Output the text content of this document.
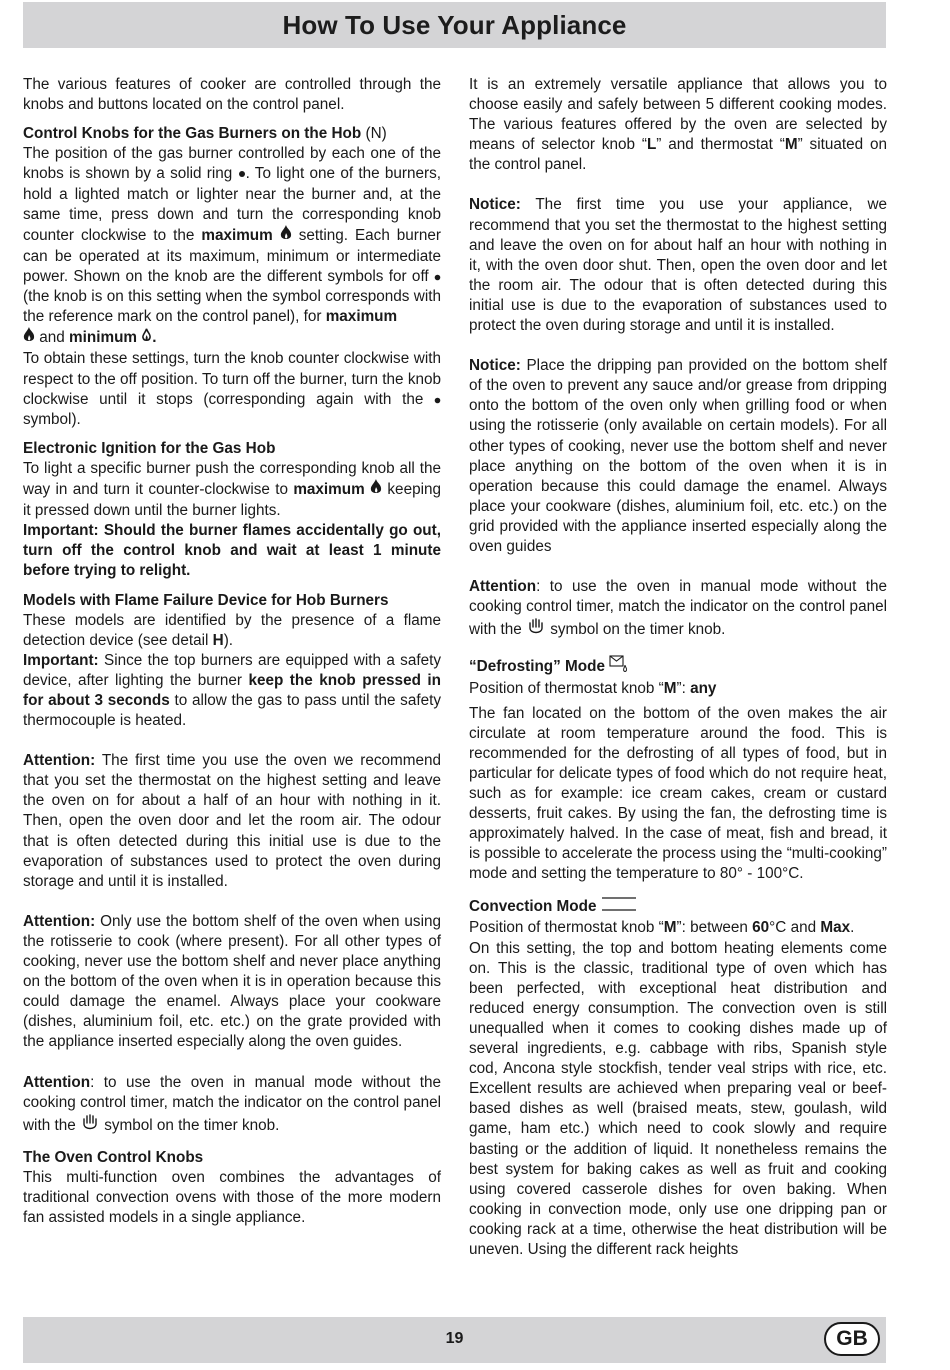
How To Use Your Appliance

The various features of cooker are controlled through the knobs and buttons located on the control panel.

Control Knobs for the Gas Burners on the Hob (N)
The position of the gas burner controlled by each one of the knobs is shown by a solid ring . To light one of the burners, hold a lighted match or lighter near the burner and, at the same time, press down and turn the corresponding knob counter clockwise to the maximum  setting. Each burner can be operated at its maximum, minimum or intermediate power. Shown on the knob are the different symbols for off  (the knob is on this setting when the symbol corresponds with the reference mark on the control panel), for maximum
and minimum .
To obtain these settings, turn the knob counter clockwise with respect to the off position. To turn off the burner, turn the knob clockwise until it stops (corresponding again with the  symbol).

Electronic Ignition for the Gas Hob
To light a specific burner push the corresponding knob all the way in and turn it counter-clockwise to maximum  keeping it pressed down until the burner lights.
Important: Should the burner flames accidentally go out, turn off the control knob and wait at least 1 minute before trying to relight.

Models with Flame Failure Device for Hob Burners
These models are identified by the presence of a flame detection device (see detail H).
Important: Since the top burners are equipped with a safety device, after lighting the burner keep the knob pressed in for about 3 seconds to allow the gas to pass until the safety thermocouple is heated.

Attention: The first time you use the oven we recommend that you set the thermostat on the highest setting and leave the oven on for about a half of an hour with nothing in it. Then, open the oven door and let the room air. The odour that is often detected during this initial use is due to the evaporation of substances used to protect the oven during storage and until it is installed.

Attention: Only use the bottom shelf of the oven when using the rotisserie to cook (where present). For all other types of cooking, never use the bottom shelf and never place anything on the bottom of the oven when it is in operation because this could damage the enamel. Always place your cookware (dishes, aluminium foil, etc. etc.) on the grate provided with the appliance inserted especially along the oven guides.

Attention: to use the oven in manual mode without the cooking control timer, match the indicator on the control panel with the  symbol on the timer knob.

The Oven Control Knobs
This multi-function oven combines the advantages of traditional convection ovens with those of the more modern fan assisted models in a single appliance.

It is an extremely versatile appliance that allows you to choose easily and safely between 5 different cooking modes. The various features offered by the oven are selected by means of selector knob “L” and thermostat “M” situated on the control panel.

Notice: The first time you use your appliance, we recommend that you set the thermostat to the highest setting and leave the oven on for about half an hour with nothing in it, with the oven door shut. Then, open the oven door and let the room air. The odour that is often detected during this initial use is due to the evaporation of substances used to protect the oven during storage and until it is installed.

Notice: Place the dripping pan provided on the bottom shelf of the oven to prevent any sauce and/or grease from dripping onto the bottom of the oven only when grilling food or when using the rotisserie (only available on certain models). For all other types of cooking, never use the bottom shelf and never place anything on the bottom of the oven when it is in operation because this could damage the enamel. Always place your cookware (dishes, aluminium foil, etc. etc.) on the grid provided with the appliance inserted especially along the oven guides

Attention: to use the oven in manual mode without the cooking control timer, match the indicator on the control panel with the  symbol on the timer knob.

“Defrosting” Mode
Position of thermostat knob “M”: any

The fan located on the bottom of the oven makes the air circulate at room temperature around the food. This is recommended for the defrosting of all types of food, but in particular for delicate types of food which do not require heat, such as for example: ice cream cakes, cream or custard desserts, fruit cakes. By using the fan, the defrosting time is approximately halved. In the case of meat, fish and bread, it is possible to accelerate the process using the “multi-cooking” mode and setting the temperature to 80° - 100°C.

Convection Mode
Position of thermostat knob “M”: between 60°C and Max.
On this setting, the top and bottom heating elements come on. This is the classic, traditional type of oven which has been perfected, with exceptional heat distribution and reduced energy consumption. The convection oven is still unequalled when it comes to cooking dishes made up of several ingredients, e.g. cabbage with ribs, Spanish style cod, Ancona style stockfish, tender veal strips with rice, etc. Excellent results are achieved when preparing veal or beef-based dishes as well (braised meats, stew, goulash, wild game, ham etc.) which need to cook slowly and require basting or the addition of liquid. It nonetheless remains the best system for baking cakes as well as fruit and cooking using covered casserole dishes for oven baking. When cooking in convection mode, only use one dripping pan or cooking rack at a time, otherwise the heat distribution will be uneven. Using the different rack heights

19	GB
